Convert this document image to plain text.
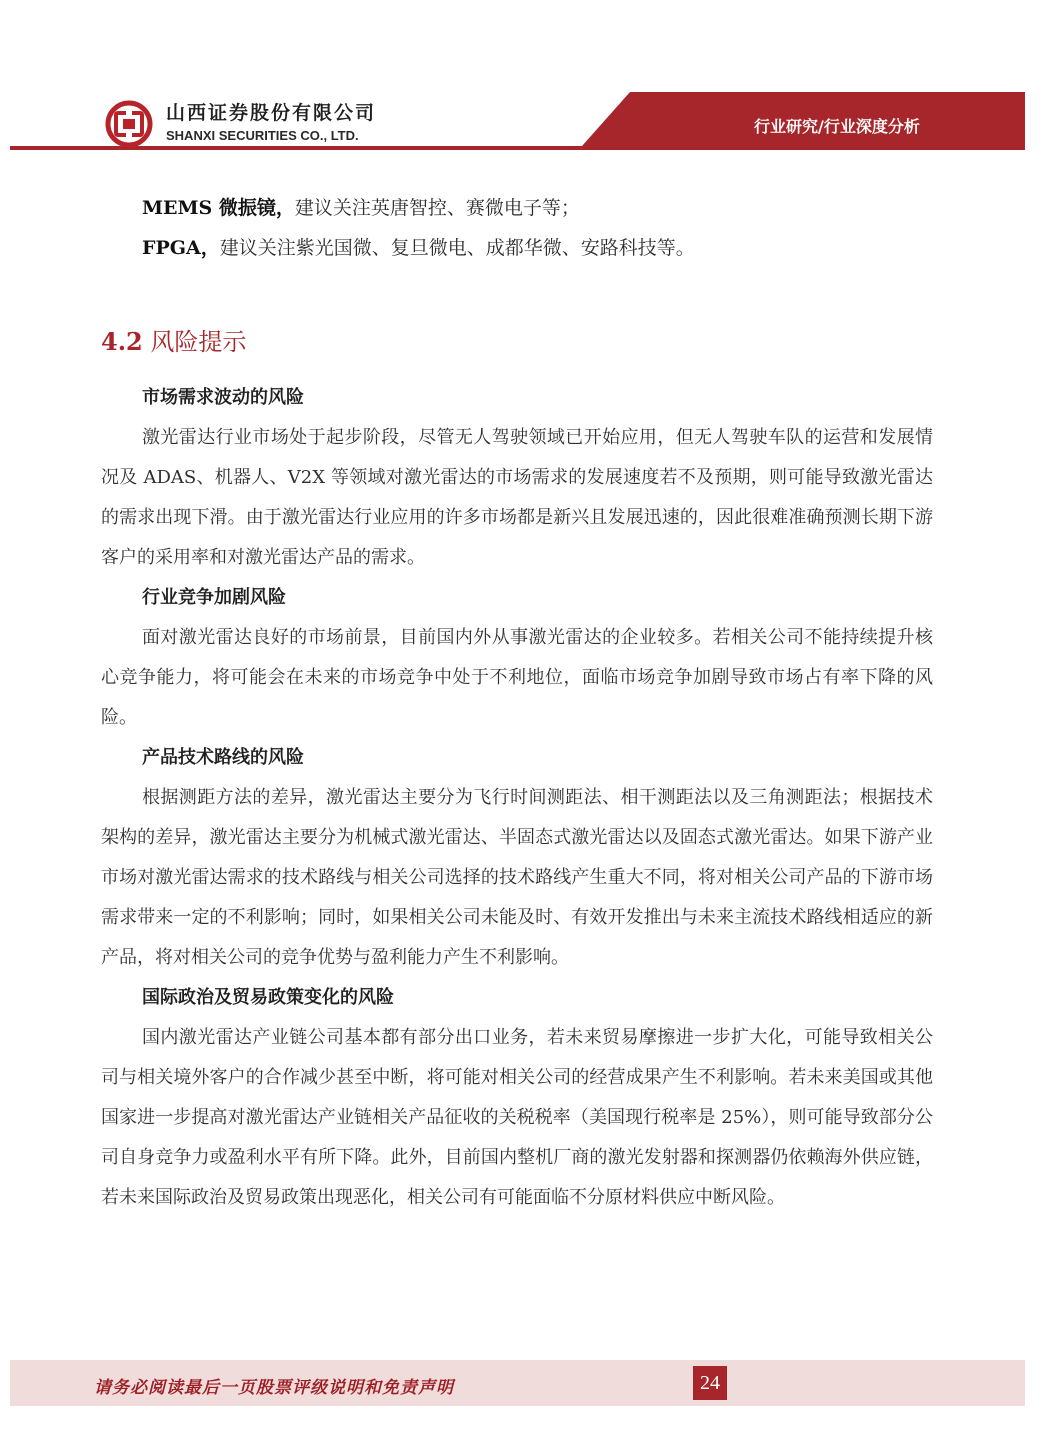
山西证券股份有限公司
SHANXI SECURITIES CO., LTD.	行业研究/行业深度分析

MEMS 微振镜，建议关注英唐智控、赛微电子等；

FPGA，建议关注紫光国微、复旦微电、成都华微、安路科技等。

4.2 风险提示
市场需求波动的风险

激光雷达行业市场处于起步阶段，尽管无人驾驶领域已开始应用，但无人驾驶车队的运营和发展情况及 ADAS、机器人、V2X 等领域对激光雷达的市场需求的发展速度若不及预期，则可能导致激光雷达的需求出现下滑。由于激光雷达行业应用的许多市场都是新兴且发展迅速的，因此很难准确预测长期下游客户的采用率和对激光雷达产品的需求。

行业竞争加剧风险

面对激光雷达良好的市场前景，目前国内外从事激光雷达的企业较多。若相关公司不能持续提升核心竞争能力，将可能会在未来的市场竞争中处于不利地位，面临市场竞争加剧导致市场占有率下降的风险。

产品技术路线的风险

根据测距方法的差异，激光雷达主要分为飞行时间测距法、相干测距法以及三角测距法；根据技术架构的差异，激光雷达主要分为机械式激光雷达、半固态式激光雷达以及固态式激光雷达。如果下游产业市场对激光雷达需求的技术路线与相关公司选择的技术路线产生重大不同，将对相关公司产品的下游市场需求带来一定的不利影响；同时，如果相关公司未能及时、有效开发推出与未来主流技术路线相适应的新产品，将对相关公司的竞争优势与盈利能力产生不利影响。

国际政治及贸易政策变化的风险

国内激光雷达产业链公司基本都有部分出口业务，若未来贸易摩擦进一步扩大化，可能导致相关公司与相关境外客户的合作减少甚至中断，将可能对相关公司的经营成果产生不利影响。若未来美国或其他国家进一步提高对激光雷达产业链相关产品征收的关税税率（美国现行税率是 25%），则可能导致部分公司自身竞争力或盈利水平有所下降。此外，目前国内整机厂商的激光发射器和探测器仍依赖海外供应链，若未来国际政治及贸易政策出现恶化，相关公司有可能面临不分原材料供应中断风险。

请务必阅读最后一页股票评级说明和免责声明	24
